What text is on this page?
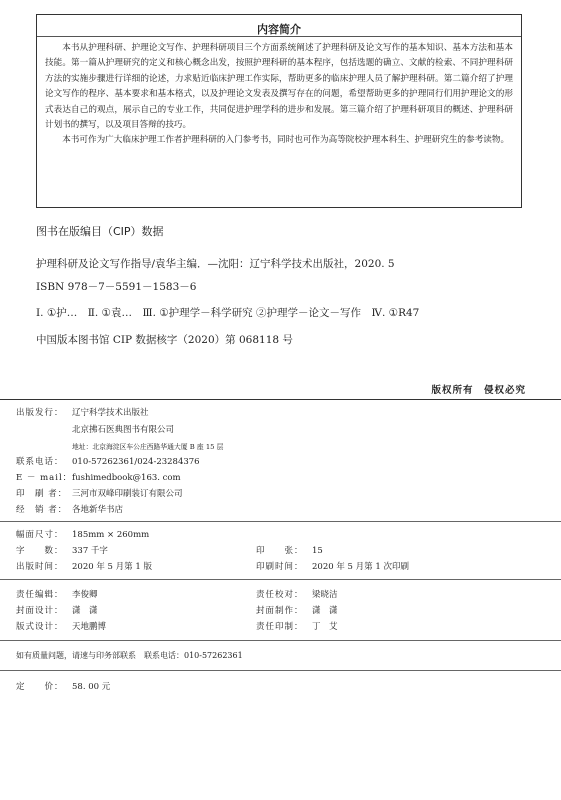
内容简介

本书从护理科研、护理论文写作、护理科研项目三个方面系统阐述了护理科研及论文写作的基本知识、基本方法和基本技能。第一篇从护理研究的定义和核心概念出发，按照护理科研的基本程序，包括选题的确立、文献的检索、不同护理科研方法的实施步骤进行详细的论述，力求贴近临床护理工作实际，帮助更多的临床护理人员了解护理科研。第二篇介绍了护理论文写作的程序、基本要求和基本格式，以及护理论文发表及撰写存在的问题，希望帮助更多的护理同行们用护理论文的形式表达自己的观点，展示自己的专业工作，共同促进护理学科的进步和发展。第三篇介绍了护理科研项目的概述、护理科研计划书的撰写，以及项目答辩的技巧。

本书可作为广大临床护理工作者护理科研的入门参考书，同时也可作为高等院校护理本科生、护理研究生的参考读物。

图书在版编目（CIP）数据
护理科研及论文写作指导/袁华主编．—沈阳：辽宁科学技术出版社，2020. 5
ISBN 978－7－5591－1583－6
Ⅰ. ①护…　Ⅱ. ①袁…　Ⅲ. ①护理学－科学研究 ②护理学－论文－写作　Ⅳ. ①R47
中国版本图书馆 CIP 数据核字（2020）第 068118 号
版权所有　侵权必究
出版发行： 辽宁科学技术出版社
北京拂石医典图书有限公司
地址：北京海淀区车公庄西路华通大厦 B 座 15 层
联系电话： 010-57262361/024-23284376
E － mail：fushimedbook@163. com
印　刷 者： 三河市双峰印刷装订有限公司
经　销 者： 各地新华书店
幅面尺寸： 185mm × 260mm
字　　数： 337 千字	印　　张： 15
出版时间： 2020 年 5 月第 1 版	印刷时间： 2020 年 5 月第 1 次印刷
责任编辑： 李俊卿	责任校对： 梁晓洁
封面设计： 潇　潇	封面制作： 潇　潇
版式设计： 天地鹏博	责任印制： 丁　艾
如有质量问题，请速与印务部联系　联系电话：010-57262361
定　　价： 58. 00 元
